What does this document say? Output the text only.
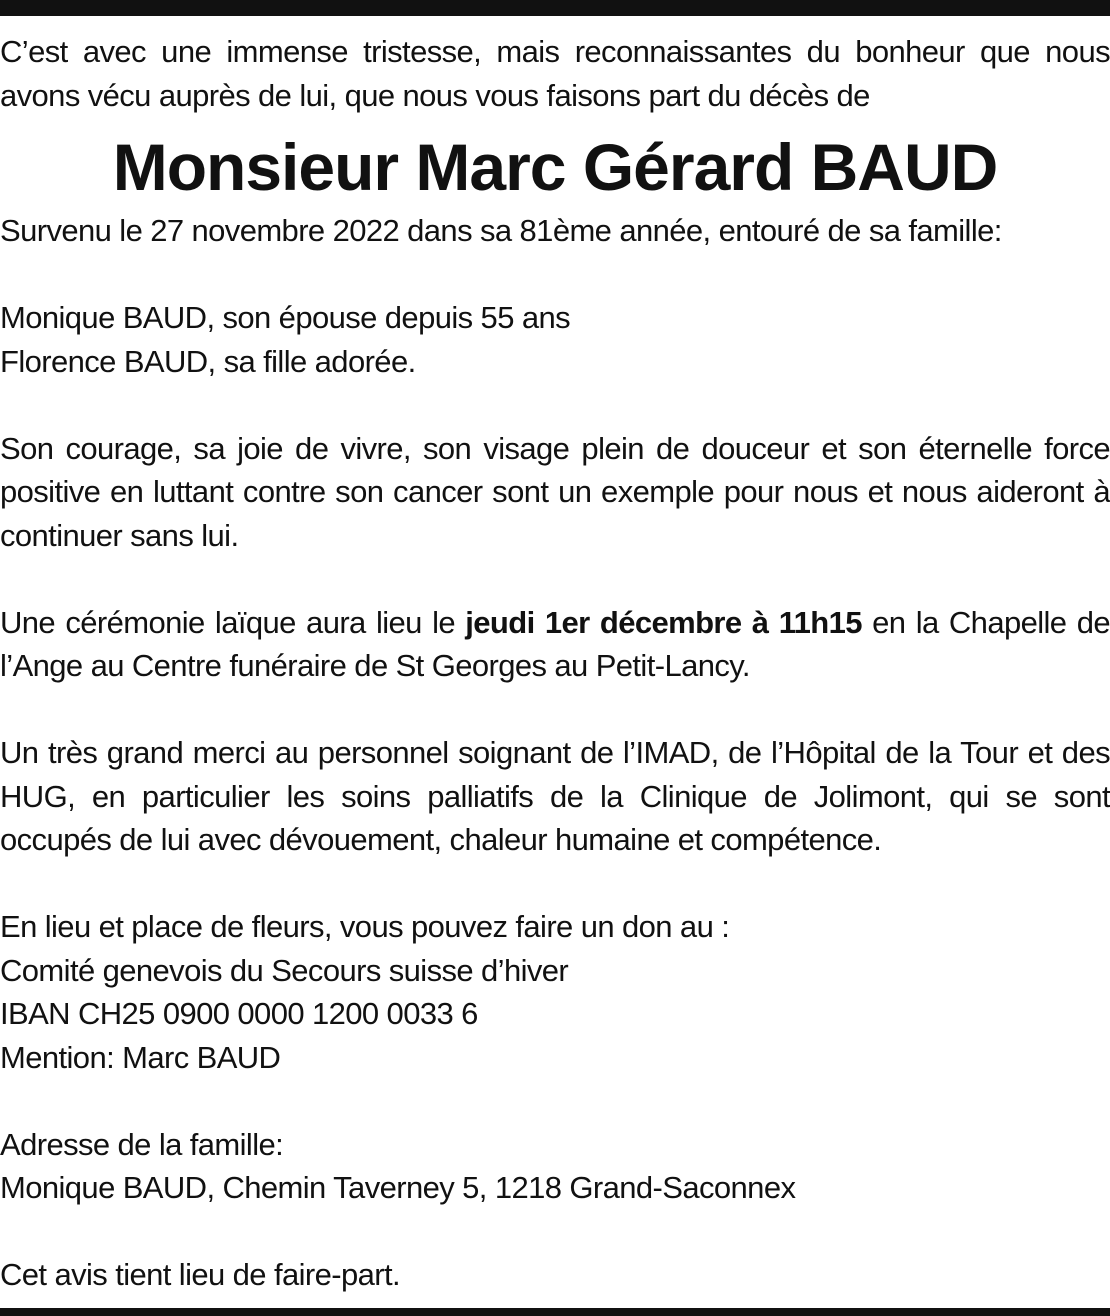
C’est avec une immense tristesse, mais reconnaissantes du bonheur que nous avons vécu auprès de lui, que nous vous faisons part du décès de

Monsieur Marc Gérard BAUD

Survenu le 27 novembre 2022 dans sa 81ème année, entouré de sa famille:

Monique BAUD, son épouse depuis 55 ans
Florence BAUD, sa fille adorée.

Son courage, sa joie de vivre, son visage plein de douceur et son éternelle force positive en luttant contre son cancer sont un exemple pour nous et nous aideront à continuer sans lui.

Une cérémonie laïque aura lieu le jeudi 1er décembre à 11h15 en la Chapelle de l’Ange au Centre funéraire de St Georges au Petit-Lancy.

Un très grand merci au personnel soignant de l’IMAD, de l’Hôpital de la Tour et des HUG, en particulier les soins palliatifs de la Clinique de Jolimont, qui se sont occupés de lui avec dévouement, chaleur humaine et compétence.

En lieu et place de fleurs, vous pouvez faire un don au :
Comité genevois du Secours suisse d’hiver
IBAN CH25 0900 0000 1200 0033 6
Mention: Marc BAUD

Adresse de la famille:
Monique BAUD, Chemin Taverney 5, 1218 Grand-Saconnex

Cet avis tient lieu de faire-part.
